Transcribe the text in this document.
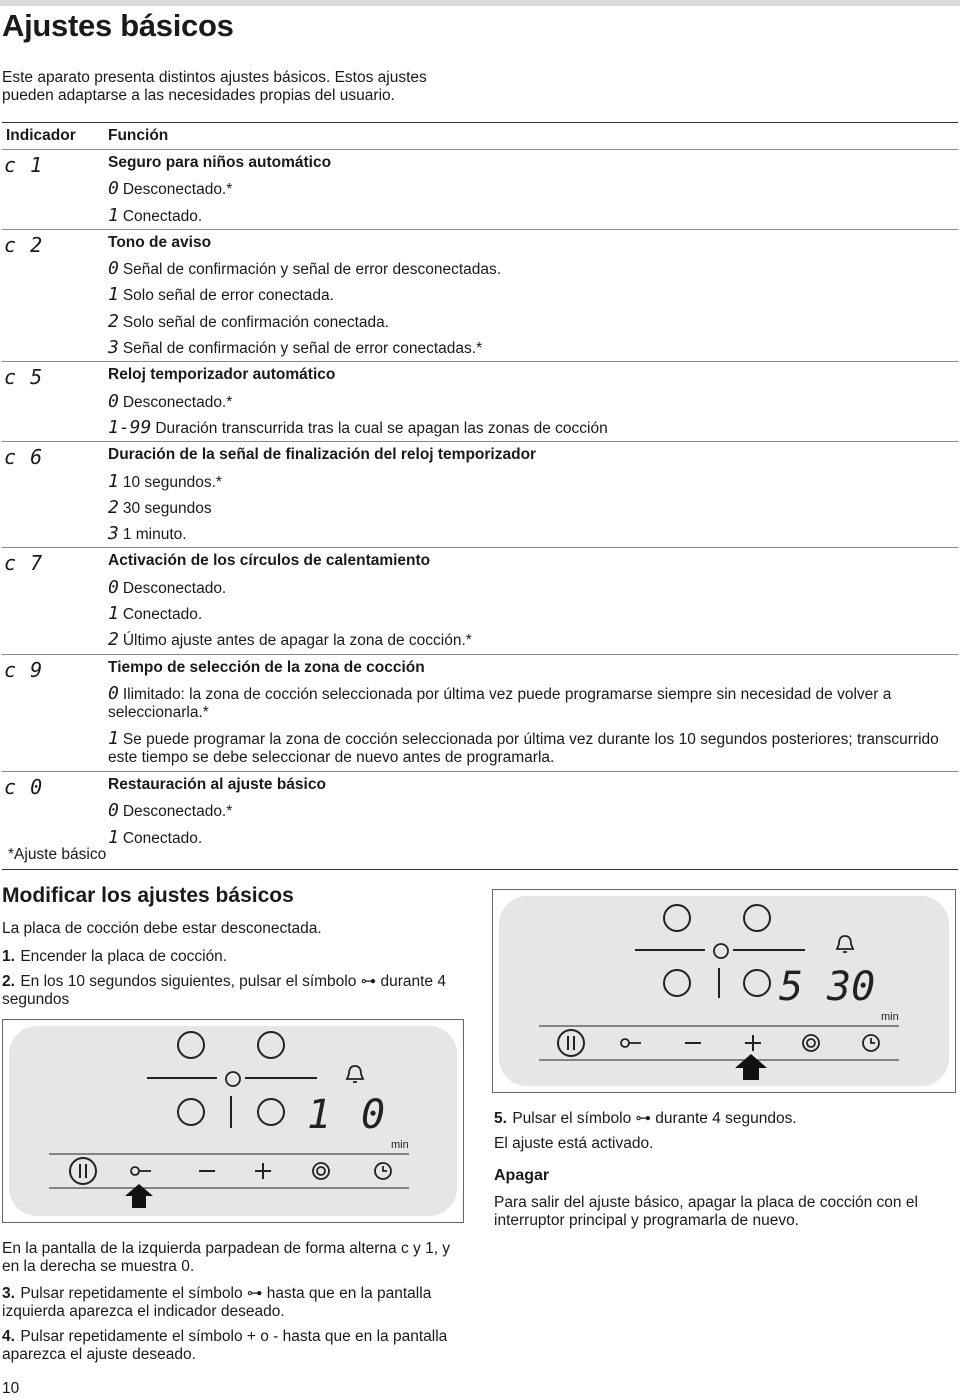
Ajustes básicos
Este aparato presenta distintos ajustes básicos. Estos ajustes pueden adaptarse a las necesidades propias del usuario.
Indicador Función
c 1	Seguro para niños automático
0 Desconectado.*
1 Conectado.
c 2	Tono de aviso
0 Señal de confirmación y señal de error desconectadas.
1 Solo señal de error conectada.
2 Solo señal de confirmación conectada.
3 Señal de confirmación y señal de error conectadas.*
c 5	Reloj temporizador automático
0 Desconectado.*
1-99 Duración transcurrida tras la cual se apagan las zonas de cocción
c 6	Duración de la señal de finalización del reloj temporizador
1 10 segundos.*
2 30 segundos
3 1 minuto.
c 7	Activación de los círculos de calentamiento
0 Desconectado.
1 Conectado.
2 Último ajuste antes de apagar la zona de cocción.*
c 9	Tiempo de selección de la zona de cocción
0 Ilimitado: la zona de cocción seleccionada por última vez puede programarse siempre sin necesidad de volver a seleccionarla.*
1 Se puede programar la zona de cocción seleccionada por última vez durante los 10 segundos posteriores; transcurrido este tiempo se debe seleccionar de nuevo antes de programarla.
c 0	Restauración al ajuste básico
0 Desconectado.*
1 Conectado.
*Ajuste básico
Modificar los ajustes básicos
La placa de cocción debe estar desconectada.
1. Encender la placa de cocción.
2. En los 10 segundos siguientes, pulsar el símbolo ⊶ durante 4 segundos
1 0
min
5 30
min
En la pantalla de la izquierda parpadean de forma alterna c y 1, y en la derecha se muestra 0.
3. Pulsar repetidamente el símbolo ⊶ hasta que en la pantalla izquierda aparezca el indicador deseado.
4. Pulsar repetidamente el símbolo + o - hasta que en la pantalla aparezca el ajuste deseado.
5. Pulsar el símbolo ⊶ durante 4 segundos.
El ajuste está activado.
Apagar
Para salir del ajuste básico, apagar la placa de cocción con el interruptor principal y programarla de nuevo.
10
